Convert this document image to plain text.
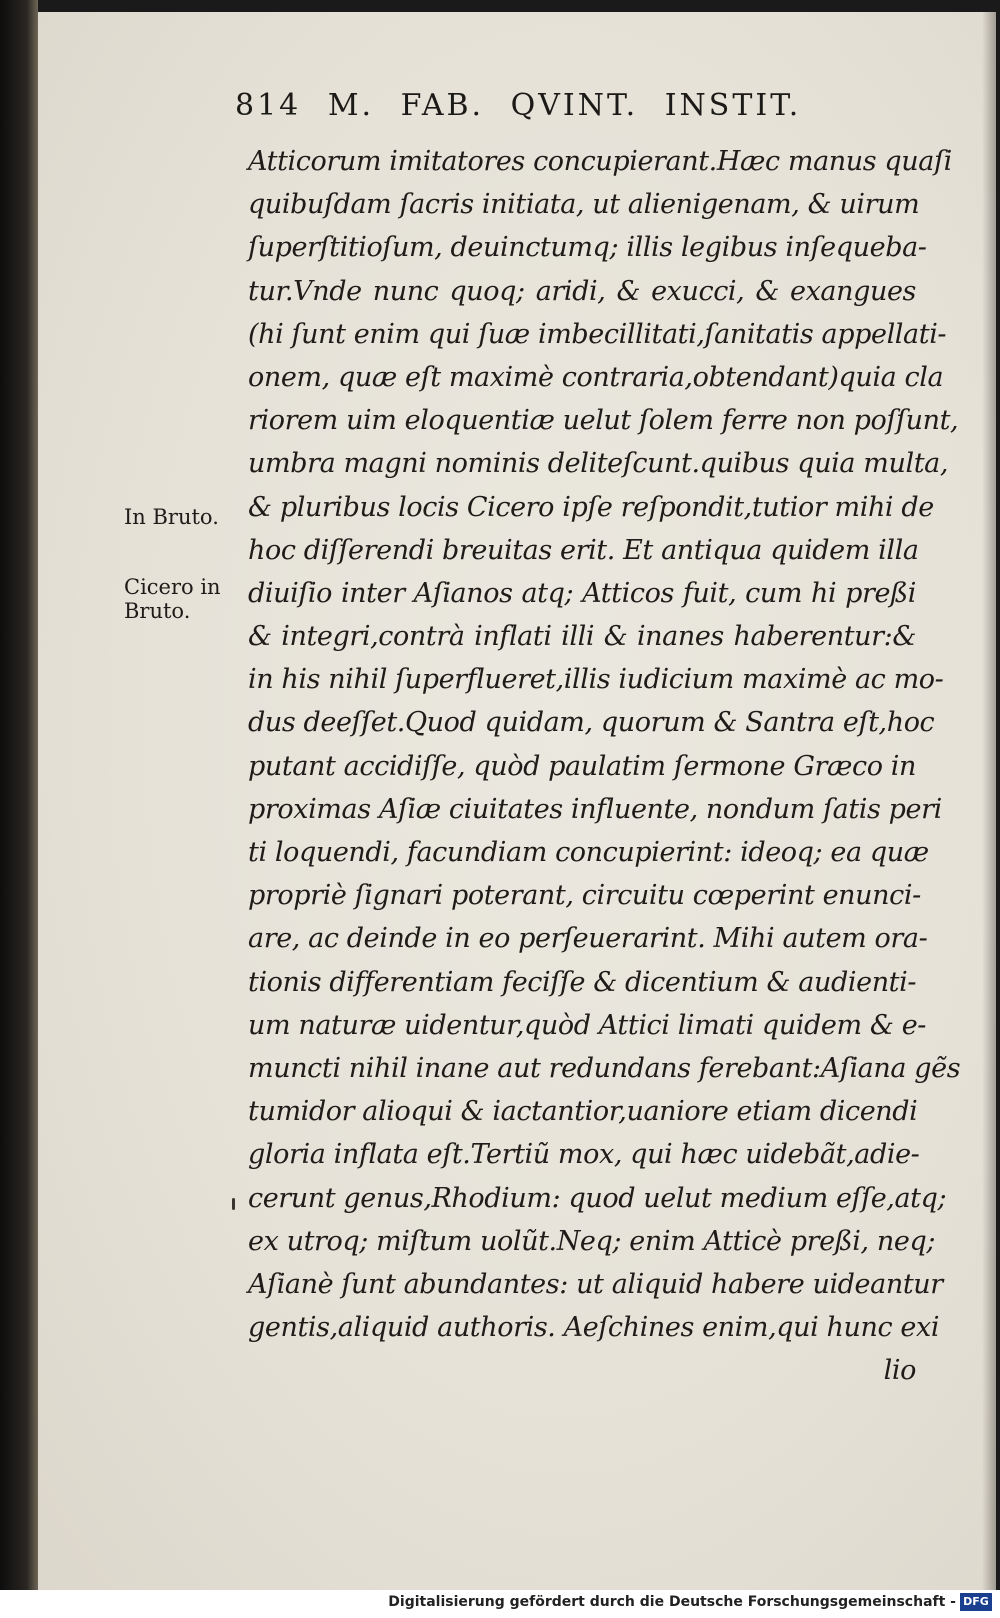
814 M. FAB. QVINT. INSTIT.
Atticorum imitatores concupierant.Hæc manus quaſi
quibuſdam ſacris initiata, ut alienigenam, & uirum
ſuperſtitioſum, deuinctumq; illis legibus inſequeba-
tur.Vnde nunc quoq; aridi, & exucci, & exangues
(hi ſunt enim qui ſuæ imbecillitati,ſanitatis appellati-
onem, quæ eſt maximè contraria,obtendant)quia cla
riorem uim eloquentiæ uelut ſolem ferre non poſſunt,
umbra magni nominis deliteſcunt.quibus quia multa,
& pluribus locis Cicero ipſe reſpondit,tutior mihi de
hoc diſſerendi breuitas erit. Et antiqua quidem illa
diuiſio inter Aſianos atq; Atticos fuit, cum hi preßi
& integri,contrà inflati illi & inanes haberentur:&
in his nihil ſuperflueret,illis iudicium maximè ac mo-
dus deeſſet.Quod quidam, quorum & Santra eſt,hoc
putant accidiſſe, quòd paulatim ſermone Græco in
proximas Aſiæ ciuitates influente, nondum ſatis peri
ti loquendi, facundiam concupierint: ideoq; ea quæ
propriè ſignari poterant, circuitu cœperint enunci-
are, ac deinde in eo perſeuerarint. Mihi autem ora-
tionis differentiam feciſſe & dicentium & audienti-
um naturæ uidentur,quòd Attici limati quidem & e-
muncti nihil inane aut redundans ferebant:Aſiana gẽs
tumidor alioqui & iactantior,uaniore etiam dicendi
gloria inflata eſt.Tertiũ mox, qui hæc uidebãt,adie-
cerunt genus,Rhodium: quod uelut medium eſſe,atq;
ex utroq; miſtum uolũt.Neq; enim Atticè preßi, neq;
Aſianè ſunt abundantes: ut aliquid habere uideantur
gentis,aliquid authoris. Aeſchines enim,qui hunc exi
lio
In Bruto.
Cicero in
Bruto.
Digitalisierung gefördert durch die Deutsche Forschungsgemeinschaft - DFG
